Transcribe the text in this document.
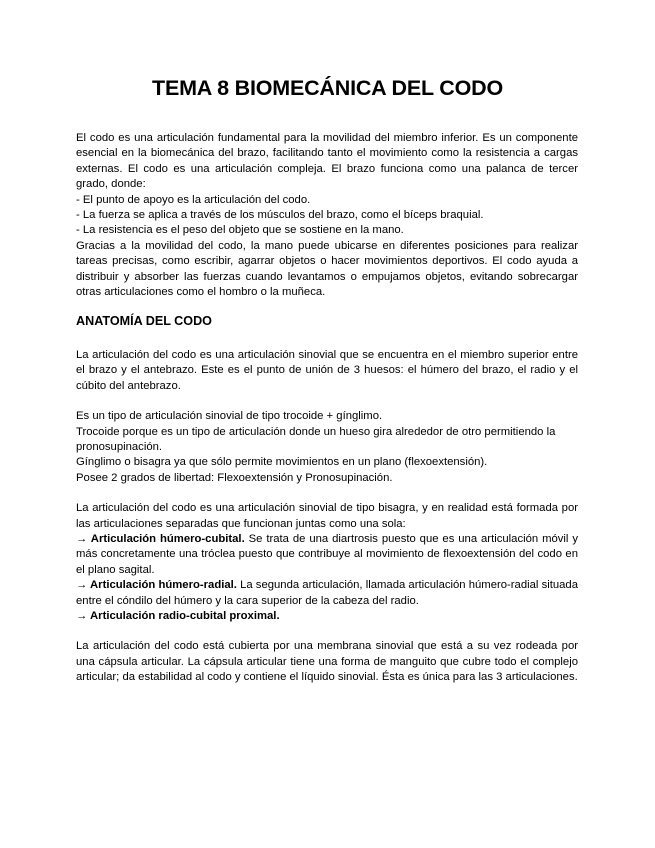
TEMA 8 BIOMECÁNICA DEL CODO

El codo es una articulación fundamental para la movilidad del miembro inferior. Es un componente esencial en la biomecánica del brazo, facilitando tanto el movimiento como la resistencia a cargas externas. El codo es una articulación compleja. El brazo funciona como una palanca de tercer grado, donde:

- El punto de apoyo es la articulación del codo.

- La fuerza se aplica a través de los músculos del brazo, como el bíceps braquial.

- La resistencia es el peso del objeto que se sostiene en la mano.

Gracias a la movilidad del codo, la mano puede ubicarse en diferentes posiciones para realizar tareas precisas, como escribir, agarrar objetos o hacer movimientos deportivos. El codo ayuda a distribuir y absorber las fuerzas cuando levantamos o empujamos objetos, evitando sobrecargar otras articulaciones como el hombro o la muñeca.

ANATOMÍA DEL CODO

La articulación del codo es una articulación sinovial que se encuentra en el miembro superior entre el brazo y el antebrazo. Este es el punto de unión de 3 huesos: el húmero del brazo, el radio y el cúbito del antebrazo.

Es un tipo de articulación sinovial de tipo trocoide + gínglimo.

Trocoide porque es un tipo de articulación donde un hueso gira alrededor de otro permitiendo la pronosupinación.

Gínglimo o bisagra ya que sólo permite movimientos en un plano (flexoextensión).

Posee 2 grados de libertad: Flexoextensión y Pronosupinación.

La articulación del codo es una articulación sinovial de tipo bisagra, y en realidad está formada por las articulaciones separadas que funcionan juntas como una sola:

→ Articulación húmero-cubital. Se trata de una diartrosis puesto que es una articulación móvil y más concretamente una tróclea puesto que contribuye al movimiento de flexoextensión del codo en el plano sagital.

→ Articulación húmero-radial. La segunda articulación, llamada articulación húmero-radial situada entre el cóndilo del húmero y la cara superior de la cabeza del radio.

→ Articulación radio-cubital proximal.

La articulación del codo está cubierta por una membrana sinovial que está a su vez rodeada por una cápsula articular. La cápsula articular tiene una forma de manguito que cubre todo el complejo articular; da estabilidad al codo y contiene el líquido sinovial. Ésta es única para las 3 articulaciones.
